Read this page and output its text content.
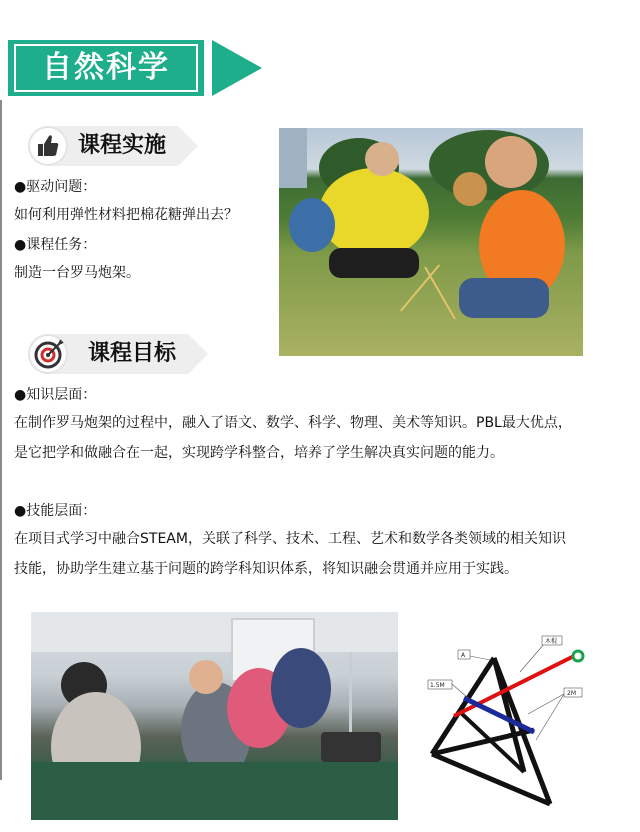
自然科学
课程实施
●驱动问题：
如何利用弹性材料把棉花糖弹出去？
●课程任务：
制造一台罗马炮架。
课程目标
●知识层面：
在制作罗马炮架的过程中，融入了语文、数学、科学、物理、美术等知识。PBL最大优点，
是它把学和做融合在一起，实现跨学科整合，培养了学生解决真实问题的能力。
●技能层面：
在项目式学习中融合STEAM，关联了科学、技术、工程、艺术和数学各类领域的相关知识
技能，协助学生建立基于问题的跨学科知识体系，将知识融会贯通并应用于实践。
A
1.5M
2M
木棍
